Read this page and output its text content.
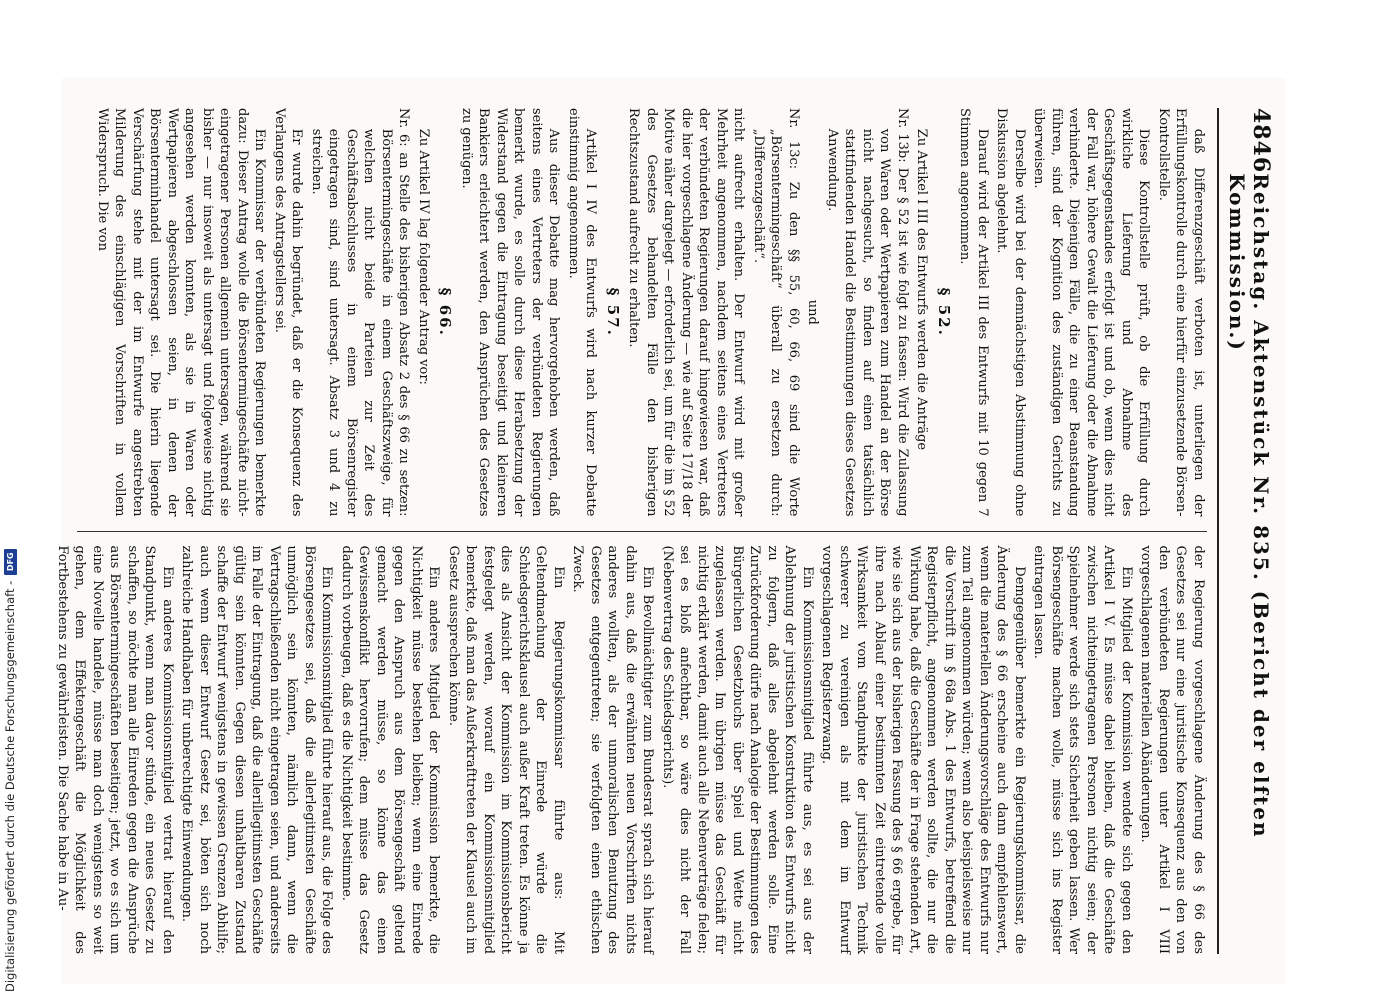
4846
Reichstag. Aktenstück Nr. 835. (Bericht der elften Kommission.)

daß Differenzgeschäft verboten ist, unterliegen der Erfüllungskontrolle durch eine hierfür einzusetzende Börsen-Kontrollstelle.

Diese Kontrollstelle prüft, ob die Erfüllung durch wirkliche Lieferung und Abnahme des Geschäftsgegenstandes erfolgt ist und ob, wenn dies nicht der Fall war, höhere Gewalt die Lieferung oder die Abnahme verhinderte. Diejenigen Fälle, die zu einer Beanstandung führen, sind der Kognition des zuständigen Gerichts zu überweisen.

Derselbe wird bei der demnächstigen Abstimmung ohne Diskussion abgelehnt.

Darauf wird der Artikel III des Entwurfs mit 10 gegen 7 Stimmen angenommen.

§ 52.

Zu Artikel I III des Entwurfs werden die Anträge

Nr. 13b: Der § 52 ist wie folgt zu fassen: Wird die Zulassung von Waren oder Wertpapieren zum Handel an der Börse nicht nachgesucht, so finden auf einen tatsächlich stattfindenden Handel die Bestimmungen dieses Gesetzes Anwendung.

und

Nr. 13c: Zu den §§ 55, 60, 66, 69 sind die Worte „Börsentermingeschäft“ überall zu ersetzen durch: „Differenzgeschäft“.

nicht aufrecht erhalten. Der Entwurf wird mit großer Mehrheit angenommen, nachdem seitens eines Vertreters der verbündeten Regierungen darauf hingewiesen war, daß die hier vorgeschlagene Änderung — wie auf Seite 17/18 der Motive näher dargelegt — erforderlich sei, um für die im § 52 des Gesetzes behandelten Fälle den bisherigen Rechtszustand aufrecht zu erhalten.

§ 57.

Artikel I IV des Entwurfs wird nach kurzer Debatte einstimmig angenommen.

Aus dieser Debatte mag hervorgehoben werden, daß seitens eines Vertreters der verbündeten Regierungen bemerkt wurde, es solle durch diese Herabsetzung der Widerstand gegen die Eintragung beseitigt und kleineren Bankiers erleichtert werden, den Ansprüchen des Gesetzes zu genügen.

§ 66.

Zu Artikel IV lag folgender Antrag vor:

Nr. 6: an Stelle des bisherigen Absatz 2 des § 66 zu setzen: Börsentermingeschäfte in einem Geschäftszweige, für welchen nicht beide Parteien zur Zeit des Geschäftsabschlusses in einem Börsenregister eingetragen sind, sind untersagt. Absatz 3 und 4 zu streichen.

Er wurde dahin begründet, daß er die Konsequenz des Verlangens des Antragstellers sei.

Ein Kommissar der verbündeten Regierungen bemerkte dazu: Dieser Antrag wolle die Börsentermingeschäfte nicht-eingetragener Personen allgemein untersagen, während sie bisher — nur insoweit als untersagt und folgeweise nichtig angesehen werden konnten, als sie in Waren oder Wertpapieren abgeschlossen seien, in denen der Börsenterminhandel untersagt sei. Die hierin liegende Verschärfung stehe mit der im Entwurfe angestrebten Milderung des einschlägigen Vorschriften in vollem Widerspruch. Die von

der Regierung vorgeschlagene Änderung des § 66 des Gesetzes sei nur eine juristische Konsequenz aus den von den verbündeten Regierungen unter Artikel I VIII vorgeschlagenen materiellen Abänderungen.

Ein Mitglied der Kommission wendete sich gegen den Artikel I V. Es müsse dabei bleiben, daß die Geschäfte zwischen nichteingetragenen Personen nichtig seien; der Spielnehmer werde sich stets Sicherheit geben lassen. Wer Börsengeschäfte machen wolle, müsse sich ins Register eintragen lassen.

Demgegenüber bemerkte ein Regierungskommissar, die Änderung des § 66 erscheine auch dann empfehlenswert, wenn die materiellen Änderungsvorschläge des Entwurfs nur zum Teil angenommen würden; wenn also beispielsweise nur die Vorschrift im § 68a Abs. 1 des Entwurfs, betreffend die Registerpflicht, angenommen werden sollte, die nur die Wirkung habe, daß die Geschäfte der in Frage stehenden Art, wie sie sich aus der bisherigen Fassung des § 66 ergebe, für ihre nach Ablauf einer bestimmten Zeit eintretende volle Wirksamkeit vom Standpunkte der juristischen Technik schwerer zu vereinigen als mit dem im Entwurf vorgeschlagenen Registerzwang.

Ein Kommissionsmitglied führte aus, es sei aus der Ablehnung der juristischen Konstruktion des Entwurfs nicht zu folgern, daß alles abgelehnt werden solle. Eine Zurückforderung dürfe nach Analogie der Bestimmungen des Bürgerlichen Gesetzbuchs über Spiel und Wette nicht zugelassen werden. Im übrigen müsse das Geschäft für nichtig erklärt werden, damit auch alle Nebenverträge fielen; sei es bloß anfechtbar, so wäre dies nicht der Fall (Nebenvertrag des Schiedsgerichts).

Ein Bevollmächtigter zum Bundesrat sprach sich hierauf dahin aus, daß die erwähnten neuen Vorschriften nichts anderes wollten, als der unmoralischen Benutzung des Gesetzes entgegentreten; sie verfolgten einen ethischen Zweck.

Ein Regierungskommissar führte aus: Mit Geltendmachung der Einrede würde die Schiedsgerichtsklausel auch außer Kraft treten. Es könne ja dies als Ansicht der Kommission im Kommissionsbericht festgelegt werden, worauf ein Kommissionsmitglied bemerkte, daß man das Außerkrafttreten der Klausel auch im Gesetz aussprechen könne.

Ein anderes Mitglied der Kommission bemerkte, die Nichtigkeit müsse bestehen bleiben; wenn eine Einrede gegen den Anspruch aus dem Börsengeschäft geltend gemacht werden müsse, so könne das einen Gewissenskonflikt hervorrufen; dem müsse das Gesetz dadurch vorbeugen, daß es die Nichtigkeit bestimme.

Ein Kommissionsmitglied führte hierauf aus, die Folge des Börsengesetzes sei, daß die allerlegitimsten Geschäfte unmöglich sein könnten, nämlich dann, wenn die Vertragschließenden nicht eingetragen seien, und anderseits im Falle der Eintragung, daß die allerillegitimsten Geschäfte gültig sein könnten. Gegen diesen unhaltbaren Zustand schaffe der Entwurf wenigstens in gewissen Grenzen Abhilfe; auch wenn dieser Entwurf Gesetz sei, böten sich noch zahlreiche Handhaben für unberechtigte Einwendungen.

Ein anderes Kommissionsmitglied vertrat hierauf den Standpunkt, wenn man davor stünde, ein neues Gesetz zu schaffen, so möchte man alle Einreden gegen die Ansprüche aus Börsentermingeschäften beseitigen; jetzt, wo es sich um eine Novelle handele, müsse man doch wenigstens so weit gehen, dem Effektengeschäft die Möglichkeit des Fortbestehens zu gewährleisten. Die Sache habe in Au-

Digitalisierung gefördert durch die Deutsche Forschungsgemeinschaft -
DFG
